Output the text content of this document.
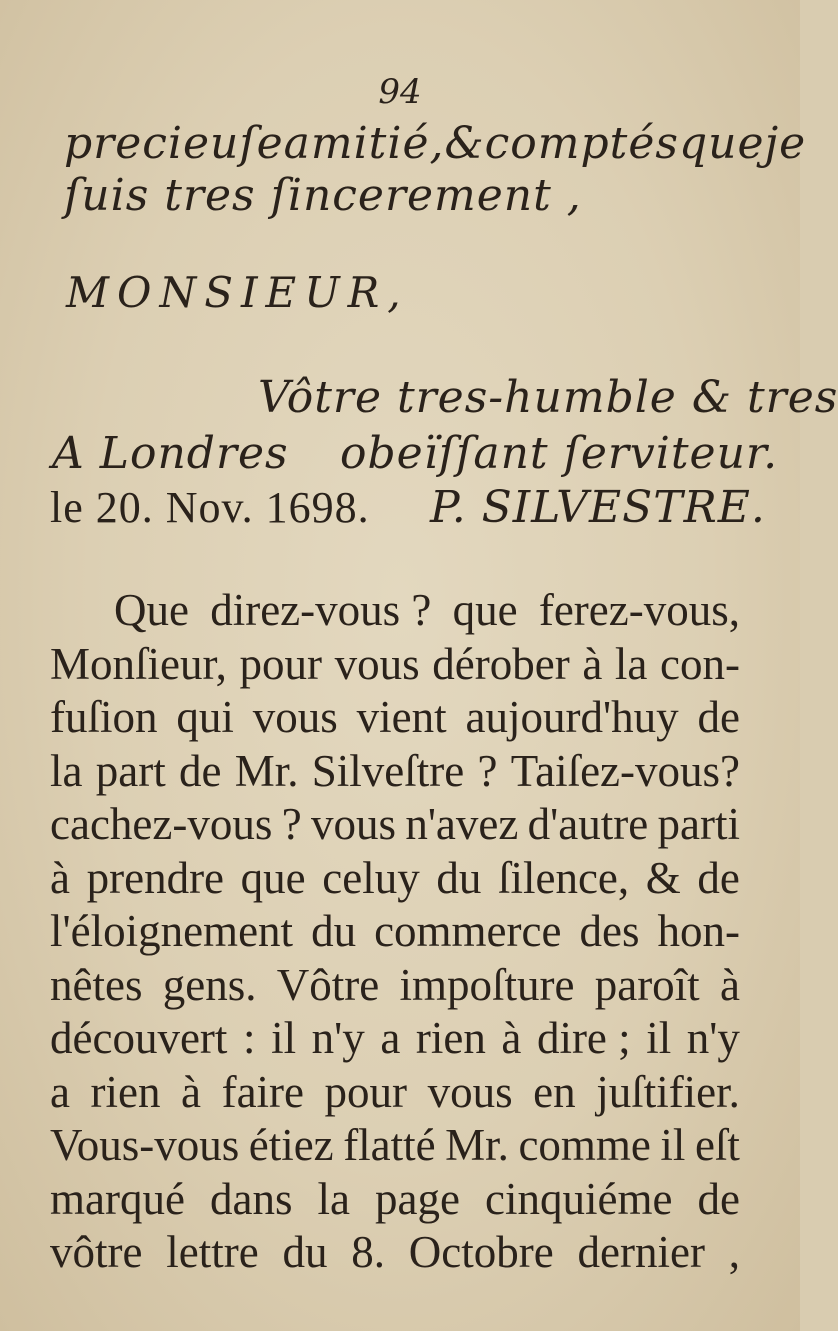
94
precieuſe amitié, & comptés que je
ſuis tres ſincerement ,
MONSIEUR,
Vôtre tres-humble & tres
A Londres obeïſſant ſerviteur.
le 20. Nov. 1698. P. SILVESTRE.
Que direz-vous ? que ferez-vous,
Monſieur, pour vous dérober à la con-
fuſion qui vous vient aujourd'huy de
la part de Mr. Silveſtre ? Taiſez-vous?
cachez-vous ? vous n'avez d'autre parti
à prendre que celuy du ſilence, & de
l'éloignement du commerce des hon-
nêtes gens. Vôtre impoſture paroît à
découvert : il n'y a rien à dire ; il n'y
a rien à faire pour vous en juſtifier.
Vous-vous étiez flatté Mr. comme il eſt
marqué dans la page cinquiéme de
vôtre lettre du 8. Octobre dernier ,
